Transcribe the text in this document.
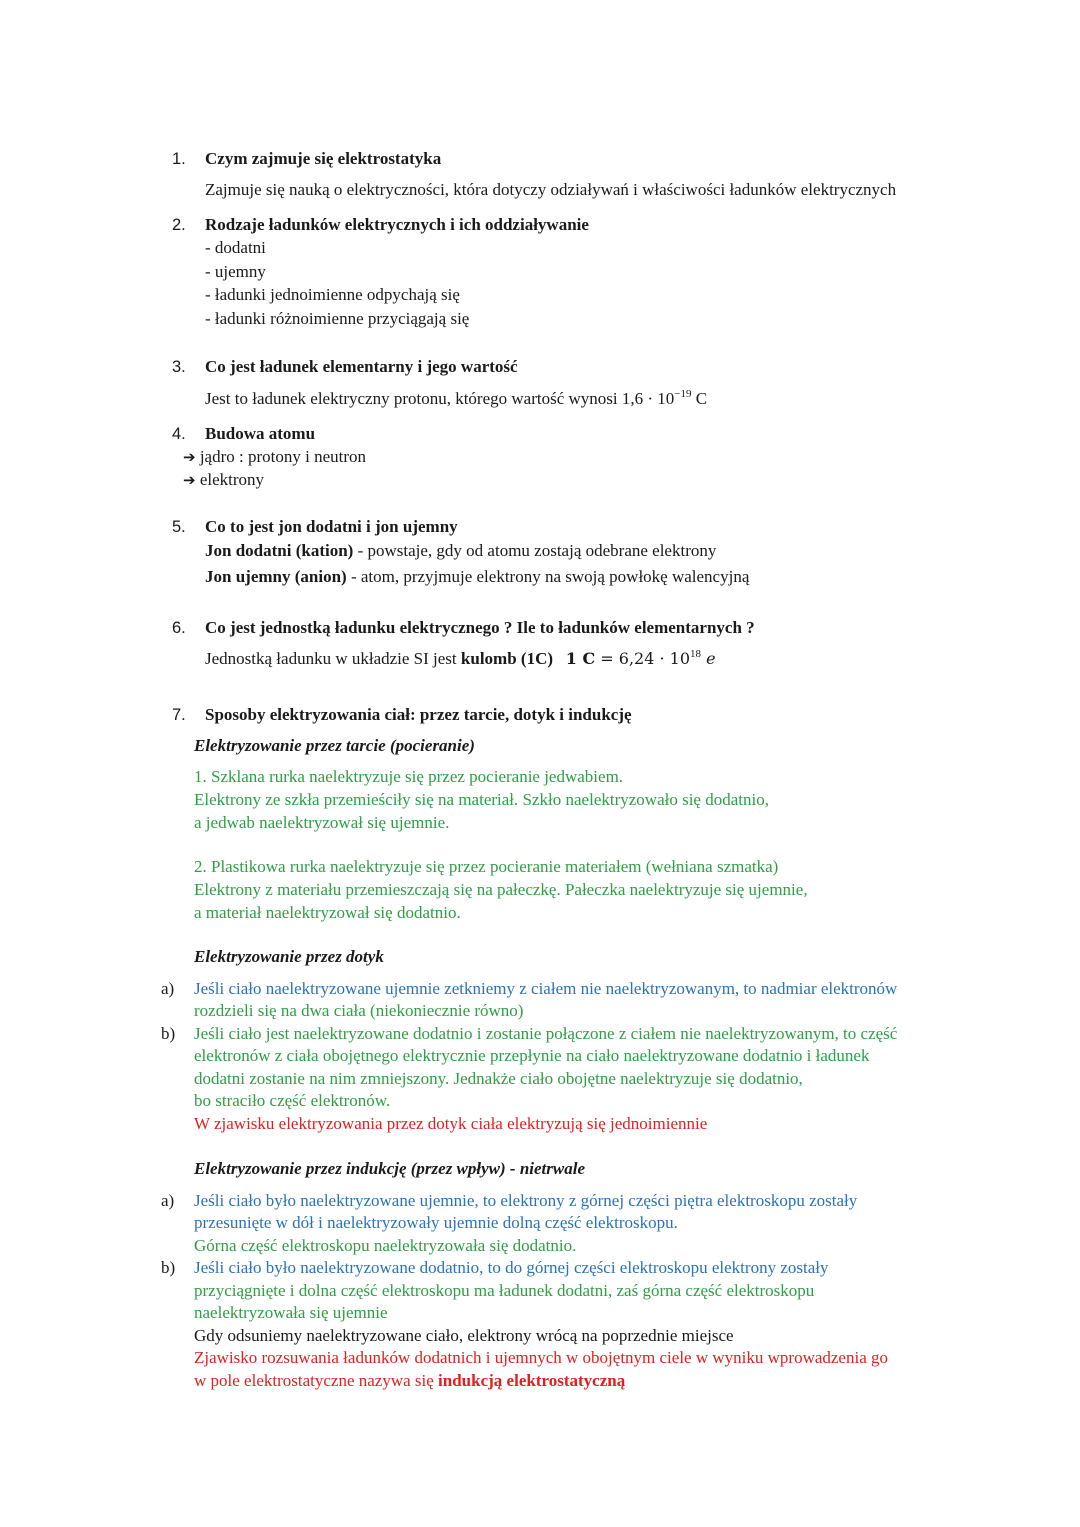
1. Czym zajmuje się elektrostatyka
Zajmuje się nauką o elektryczności, która dotyczy odziaływań i właściwości ładunków elektrycznych
2. Rodzaje ładunków elektrycznych i ich oddziaływanie
- dodatni
- ujemny
- ładunki jednoimienne odpychają się
- ładunki różnoimienne przyciągają się
3. Co jest ładunek elementarny i jego wartość
Jest to ładunek elektryczny protonu, którego wartość wynosi $1,6 \cdot 10^{-19}$ C
4. Budowa atomu
➔ jądro : protony i neutron
➔ elektrony
5. Co to jest jon dodatni i jon ujemny
Jon dodatni (kation) - powstaje, gdy od atomu zostają odebrane elektrony
Jon ujemny (anion) - atom, przyjmuje elektrony na swoją powłokę walencyjną
6. Co jest jednostką ładunku elektrycznego ? Ile to ładunków elementarnych ?
Jednostką ładunku w układzie SI jest kulomb (1C) 1 $C = 6,24 \cdot 10^{18}$ e
7. Sposoby elektryzowania ciał: przez tarcie, dotyk i indukcję
Elektryzowanie przez tarcie (pocieranie)
1. Szklana rurka naelektryzuje się przez pocieranie jedwabiem.
Elektrony ze szkła przemieściły się na materiał. Szkło naelektryzowało się dodatnio,
a jedwab naelektryzował się ujemnie.
2. Plastikowa rurka naelektryzuje się przez pocieranie materiałem (wełniana szmatka)
Elektrony z materiału przemieszczają się na pałeczkę. Pałeczka naelektryzuje się ujemnie,
a materiał naelektryzował się dodatnio.
Elektryzowanie przez dotyk
a) Jeśli ciało naelektryzowane ujemnie zetkniemy z ciałem nie naelektryzowanym, to nadmiar elektronów
rozdzieli się na dwa ciała (niekoniecznie równo)
b) Jeśli ciało jest naelektryzowane dodatnio i zostanie połączone z ciałem nie naelektryzowanym, to część
elektronów z ciała obojętnego elektrycznie przepłynie na ciało naelektryzowane dodatnio i ładunek
dodatni zostanie na nim zmniejszony. Jednakże ciało obojętne naelektryzuje się dodatnio,
bo straciło część elektronów.
W zjawisku elektryzowania przez dotyk ciała elektryzują się jednoimiennie
Elektryzowanie przez indukcję (przez wpływ) - nietrwale
a) Jeśli ciało było naelektryzowane ujemnie, to elektrony z górnej części piętra elektroskopu zostały
przesunięte w dół i naelektryzowały ujemnie dolną część elektroskopu.
Górna część elektroskopu naelektryzowała się dodatnio.
b) Jeśli ciało było naelektryzowane dodatnio, to do górnej części elektroskopu elektrony zostały
przyciągnięte i dolna część elektroskopu ma ładunek dodatni, zaś górna część elektroskopu
naelektryzowała się ujemnie
Gdy odsuniemy naelektryzowane ciało, elektrony wrócą na poprzednie miejsce
Zjawisko rozsuwania ładunków dodatnich i ujemnych w obojętnym ciele w wyniku wprowadzenia go
w pole elektrostatyczne nazywa się indukcją elektrostatyczną
